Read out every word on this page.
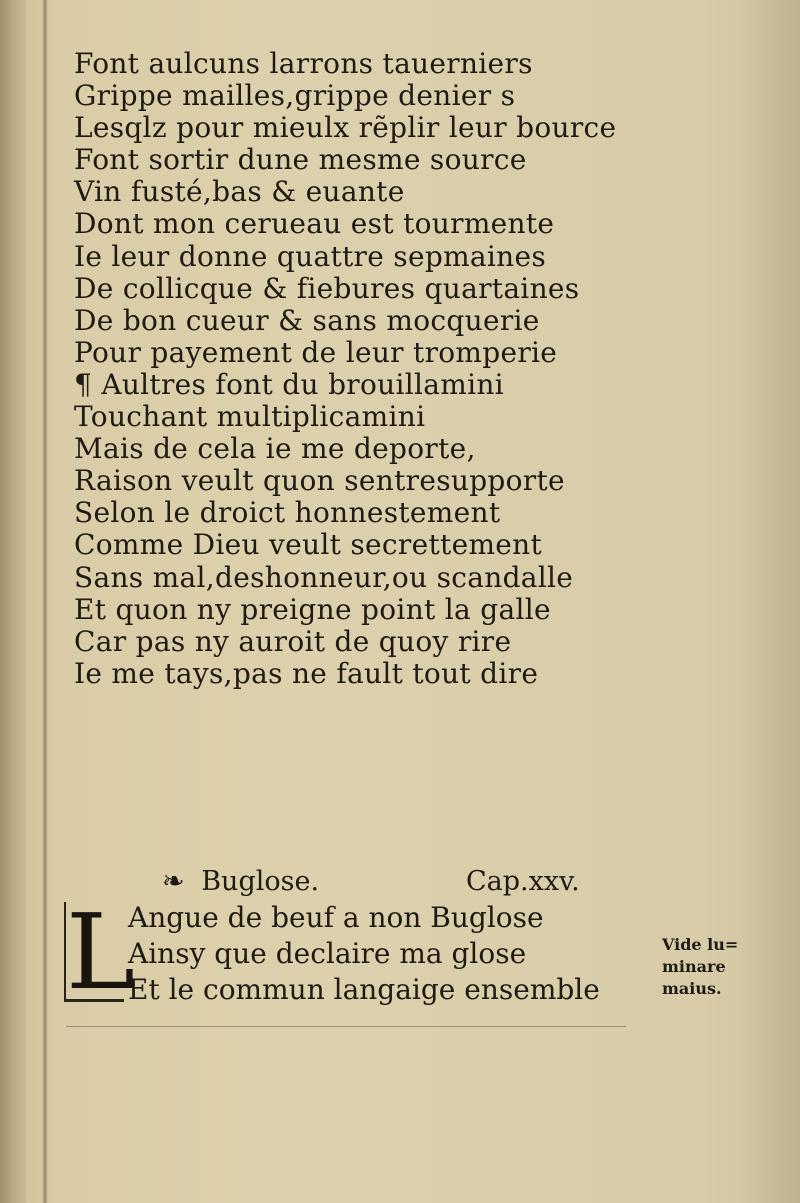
Font aulcuns larrons tauerniers
Grippe mailles,grippe denier s
Lesqlz pour mieulx rẽplir leur bource
Font sortir dune mesme source
Vin fusté,bas & euante
Dont mon cerueau est tourmente
Ie leur donne quattre sepmaines
De collicque & fiebures quartaines
De bon cueur & sans mocquerie
Pour payement de leur tromperie
¶ Aultres font du brouillamini
Touchant multiplicamini
Mais de cela ie me deporte,
Raison veult quon sentresupporte
Selon le droict honnestement
Comme Dieu veult secrettement
Sans mal,deshonneur,ou scandalle
Et quon ny preigne point la galle
Car pas ny auroit de quoy rire
Ie me tays,pas ne fault tout dire
❧ Buglose.	Cap.xxv.
L
Angue de beuf a non Buglose
Ainsy que declaire ma glose
Et le commun langaige ensemble
Vide lu=
minare
maius.
